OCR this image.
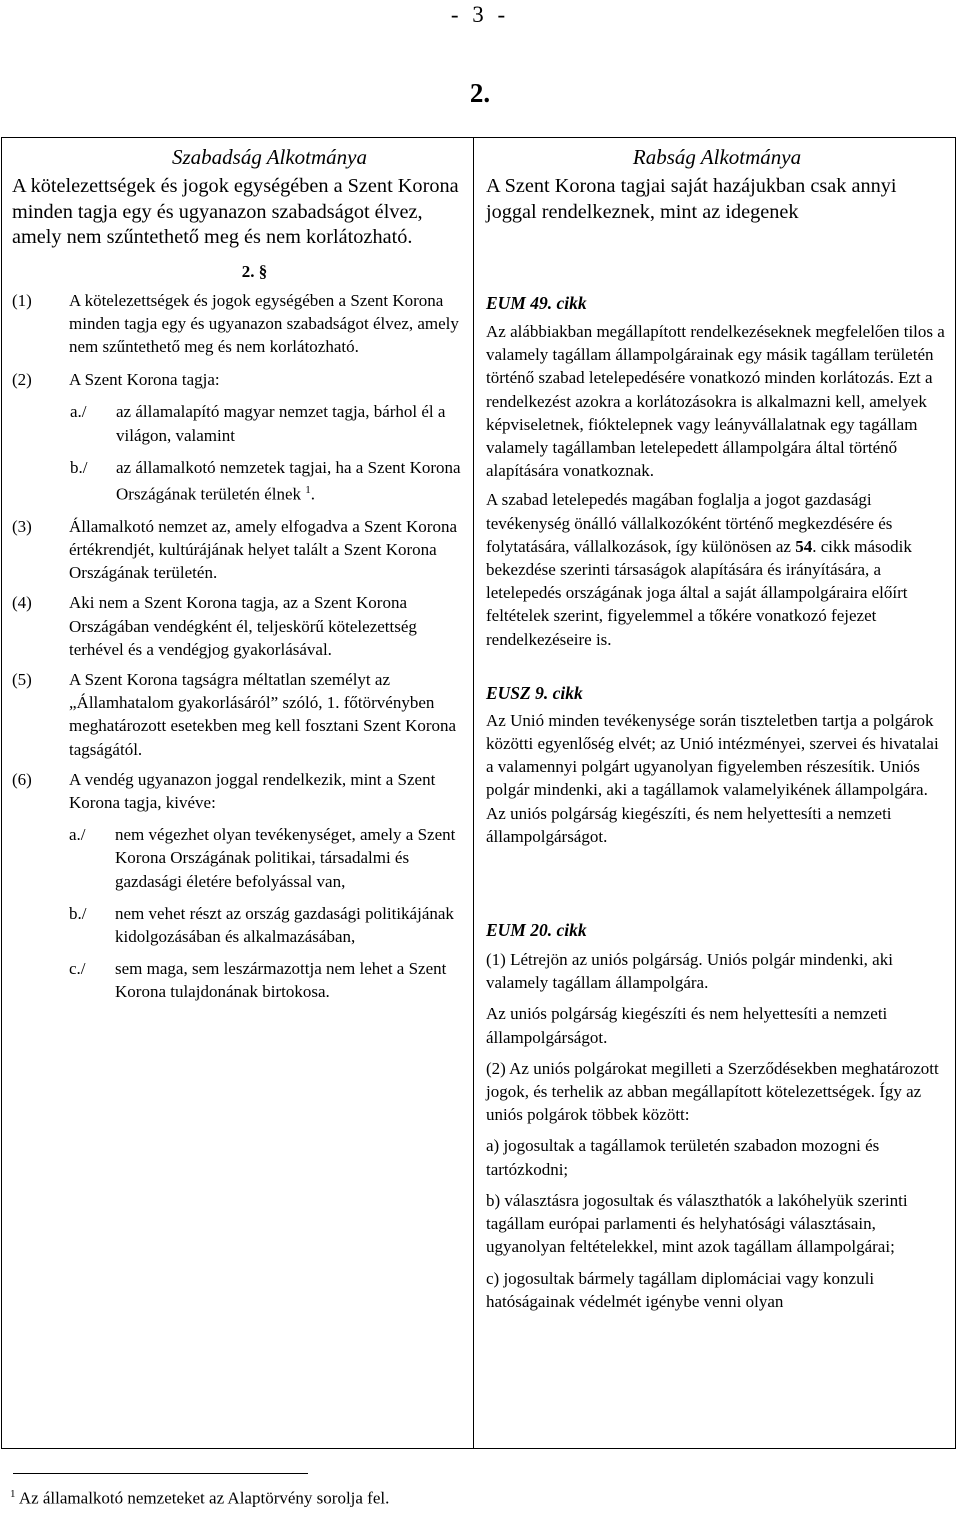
- 3 -
2.
Szabadság Alkotmánya
A kötelezettségek és jogok egységében a Szent Korona minden tagja egy és ugyanazon szabadságot élvez, amely nem szűntethető meg és nem korlátozható.
2. §
(1)	A kötelezettségek és jogok egységében a Szent Korona minden tagja egy és ugyanazon szabadságot élvez, amely nem szűntethető meg és nem korlátozható.
(2)	A Szent Korona tagja:
a./	az államalapító magyar nemzet tagja, bárhol él a világon, valamint
b./	az államalkotó nemzetek tagjai, ha a Szent Korona Országának területén élnek $^1$.
(3)	Államalkotó nemzet az, amely elfogadva a Szent Korona értékrendjét, kultúrájának helyet talált a Szent Korona Országának területén.
(4)	Aki nem a Szent Korona tagja, az a Szent Korona Országában vendégként él, teljeskörű kötelezettség terhével és a vendégjog gyakorlásával.
(5)	A Szent Korona tagságra méltatlan személyt az „Államhatalom gyakorlásáról” szóló, 1. főtörvényben meghatározott esetekben meg kell fosztani Szent Korona tagságától.
(6)	A vendég ugyanazon joggal rendelkezik, mint a Szent Korona tagja, kivéve:
a./	nem végezhet olyan tevékenységet, amely a Szent Korona Országának politikai, társadalmi és gazdasági életére befolyással van,
b./	nem vehet részt az ország gazdasági politikájának kidolgozásában és alkalmazásában,
c./	sem maga, sem leszármazottja nem lehet a Szent Korona tulajdonának birtokosa.
Rabság Alkotmánya
A Szent Korona tagjai saját hazájukban csak annyi joggal rendelkeznek, mint az idegenek
EUM 49. cikk

Az alábbiakban megállapított rendelkezéseknek megfelelően tilos a valamely tagállam állampolgárainak egy másik tagállam területén történő szabad letelepedésére vonatkozó minden korlátozás. Ezt a rendelkezést azokra a korlátozásokra is alkalmazni kell, amelyek képviseletnek, fióktelepnek vagy leányvállalatnak egy tagállam valamely tagállamban letelepedett állampolgára által történő alapítására vonatkoznak.

A szabad letelepedés magában foglalja a jogot gazdasági tevékenység önálló vállalkozóként történő megkezdésére és folytatására, vállalkozások, így különösen az 54. cikk második bekezdése szerinti társaságok alapítására és irányítására, a letelepedés országának joga által a saját állampolgáraira előírt feltételek szerint, figyelemmel a tőkére vonatkozó fejezet rendelkezéseire is.

EUSZ 9. cikk

Az Unió minden tevékenysége során tiszteletben tartja a polgárok közötti egyenlőség elvét; az Unió intézményei, szervei és hivatalai a valamennyi polgárt ugyanolyan figyelemben részesítik. Uniós polgár mindenki, aki a tagállamok valamelyikének állampolgára. Az uniós polgárság kiegészíti, és nem helyettesíti a nemzeti állampolgárságot.

EUM 20. cikk

(1) Létrejön az uniós polgárság. Uniós polgár mindenki, aki valamely tagállam állampolgára.

Az uniós polgárság kiegészíti és nem helyettesíti a nemzeti állampolgárságot.

(2) Az uniós polgárokat megilleti a Szerződésekben meghatározott jogok, és terhelik az abban megállapított kötelezettségek. Így az uniós polgárok többek között:

a) jogosultak a tagállamok területén szabadon mozogni és tartózkodni;

b) választásra jogosultak és választhatók a lakóhelyük szerinti tagállam európai parlamenti és helyhatósági választásain, ugyanolyan feltételekkel, mint azok tagállam állampolgárai;

c) jogosultak bármely tagállam diplomáciai vagy konzuli hatóságainak védelmét igénybe venni olyan

$^1$ Az államalkotó nemzeteket az Alaptörvény sorolja fel.
